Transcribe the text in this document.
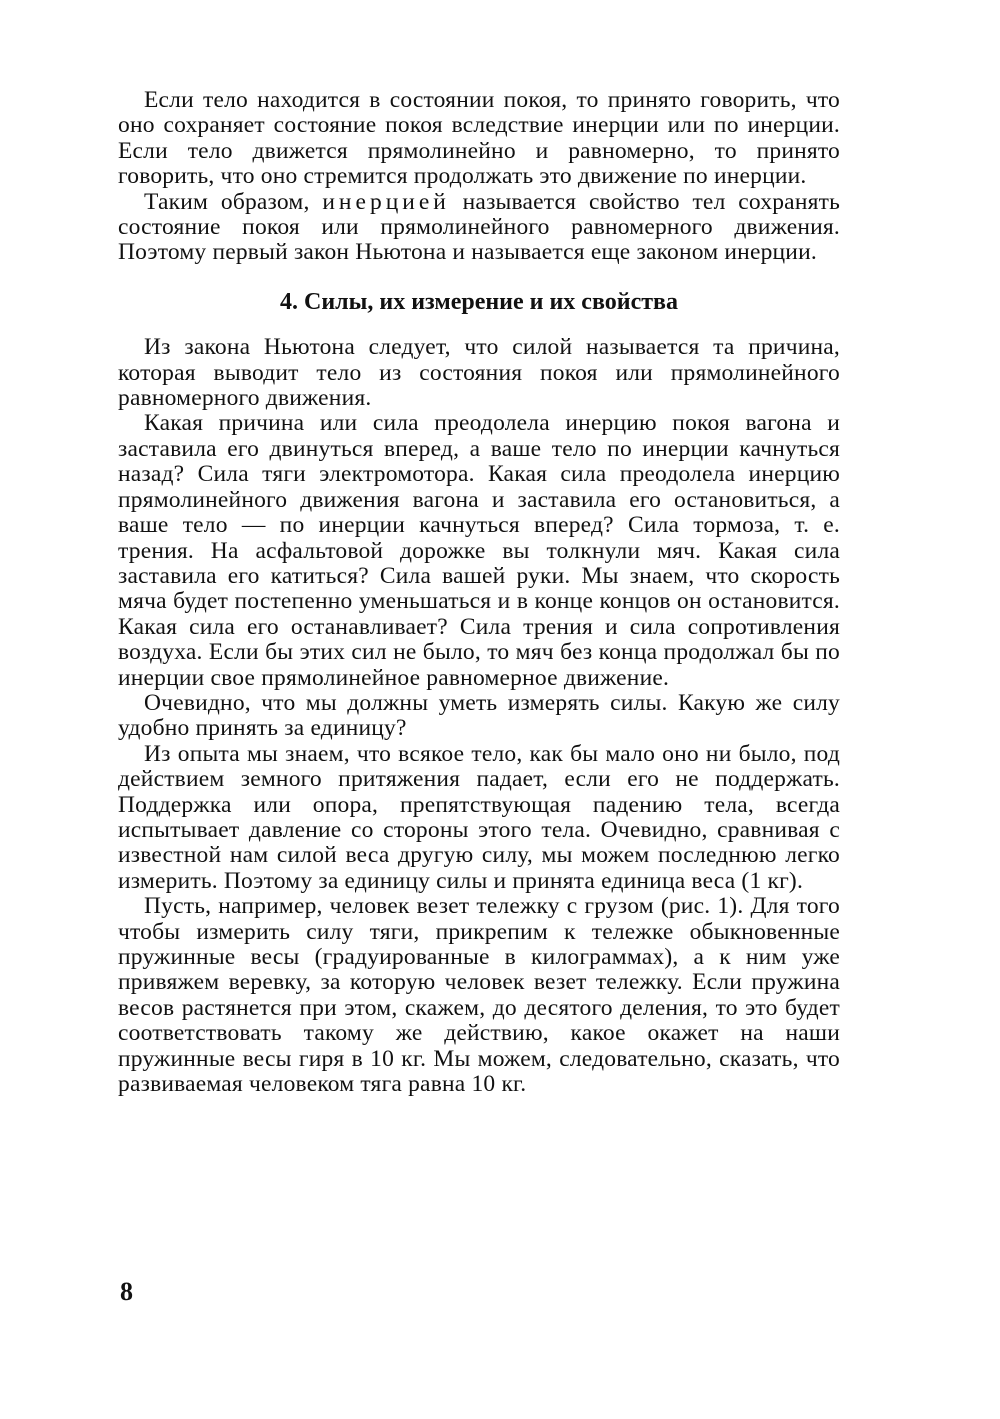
Если тело находится в состоянии покоя, то принято говорить, что оно сохраняет состояние покоя вследствие инерции или по инерции. Если тело движется прямолинейно и равномерно, то принято говорить, что оно стремится продолжать это движение по инерции.

Таким образом, инерцией называется свойство тел сохранять состояние покоя или прямолинейного равномерного движения. Поэтому первый закон Ньютона и называется еще законом инерции.

4. Силы, их измерение и их свойства

Из закона Ньютона следует, что силой называется та причина, которая выводит тело из состояния покоя или прямолинейного равномерного движения.

Какая причина или сила преодолела инерцию покоя вагона и заставила его двинуться вперед, а ваше тело по инерции качнуться назад? Сила тяги электромотора. Какая сила преодолела инерцию прямолинейного движения вагона и заставила его остановиться, а ваше тело — по инерции качнуться вперед? Сила тормоза, т. е. трения. На асфальтовой дорожке вы толкнули мяч. Какая сила заставила его катиться? Сила вашей руки. Мы знаем, что скорость мяча будет постепенно уменьшаться и в конце концов он остановится. Какая сила его останавливает? Сила трения и сила сопротивления воздуха. Если бы этих сил не было, то мяч без конца продолжал бы по инерции свое прямолинейное равномерное движение.

Очевидно, что мы должны уметь измерять силы. Какую же силу удобно принять за единицу?

Из опыта мы знаем, что всякое тело, как бы мало оно ни было, под действием земного притяжения падает, если его не поддержать. Поддержка или опора, препятствующая падению тела, всегда испытывает давление со стороны этого тела. Очевидно, сравнивая с известной нам силой веса другую силу, мы можем последнюю легко измерить. Поэтому за единицу силы и принята единица веса (1 кг).

Пусть, например, человек везет тележку с грузом (рис. 1). Для того чтобы измерить силу тяги, прикрепим к тележке обыкновенные пружинные весы (градуированные в килограммах), а к ним уже привяжем веревку, за которую человек везет тележку. Если пружина весов растянется при этом, скажем, до десятого деления, то это будет соответствовать такому же действию, какое окажет на наши пружинные весы гиря в 10 кг. Мы можем, следовательно, сказать, что развиваемая человеком тяга равна 10 кг.

8
